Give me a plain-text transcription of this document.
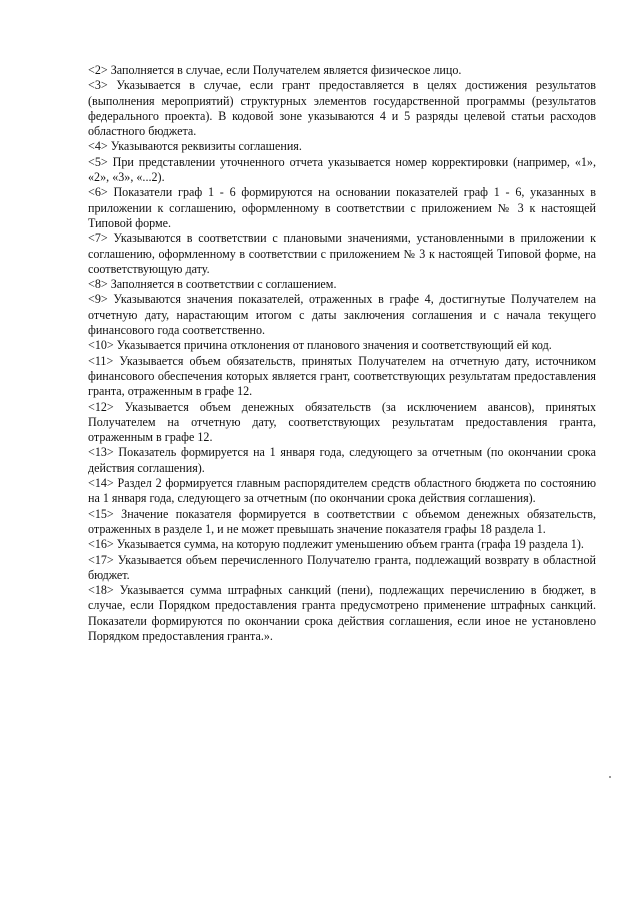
<2> Заполняется в случае, если Получателем является физическое лицо.

<3> Указывается в случае, если грант предоставляется в целях достижения результатов (выполнения мероприятий) структурных элементов государственной программы (результатов федерального проекта). В кодовой зоне указываются 4 и 5 разряды целевой статьи расходов областного бюджета.

<4> Указываются реквизиты соглашения.

<5> При представлении уточненного отчета указывается номер корректировки (например, «1», «2», «3», «...2).

<6> Показатели граф 1 - 6 формируются на основании показателей граф 1 - 6, указанных в приложении к соглашению, оформленному в соответствии с приложением № 3 к настоящей Типовой форме.

<7> Указываются в соответствии с плановыми значениями, установленными в приложении к соглашению, оформленному в соответствии с приложением № 3 к настоящей Типовой форме, на соответствующую дату.

<8> Заполняется в соответствии с соглашением.

<9> Указываются значения показателей, отраженных в графе 4, достигнутые Получателем на отчетную дату, нарастающим итогом с даты заключения соглашения и с начала текущего финансового года соответственно.

<10> Указывается причина отклонения от планового значения и соответствующий ей код.

<11> Указывается объем обязательств, принятых Получателем на отчетную дату, источником финансового обеспечения которых является грант, соответствующих результатам предоставления гранта, отраженным в графе 12.

<12> Указывается объем денежных обязательств (за исключением авансов), принятых Получателем на отчетную дату, соответствующих результатам предоставления гранта, отраженным в графе 12.

<13> Показатель формируется на 1 января года, следующего за отчетным (по окончании срока действия соглашения).

<14> Раздел 2 формируется главным распорядителем средств областного бюджета по состоянию на 1 января года, следующего за отчетным (по окончании срока действия соглашения).

<15> Значение показателя формируется в соответствии с объемом денежных обязательств, отраженных в разделе 1, и не может превышать значение показателя графы 18 раздела 1.

<16> Указывается сумма, на которую подлежит уменьшению объем гранта (графа 19 раздела 1).

<17> Указывается объем перечисленного Получателю гранта, подлежащий возврату в областной бюджет.

<18> Указывается сумма штрафных санкций (пени), подлежащих перечислению в бюджет, в случае, если Порядком предоставления гранта предусмотрено применение штрафных санкций. Показатели формируются по окончании срока действия соглашения, если иное не установлено Порядком предоставления гранта.».
